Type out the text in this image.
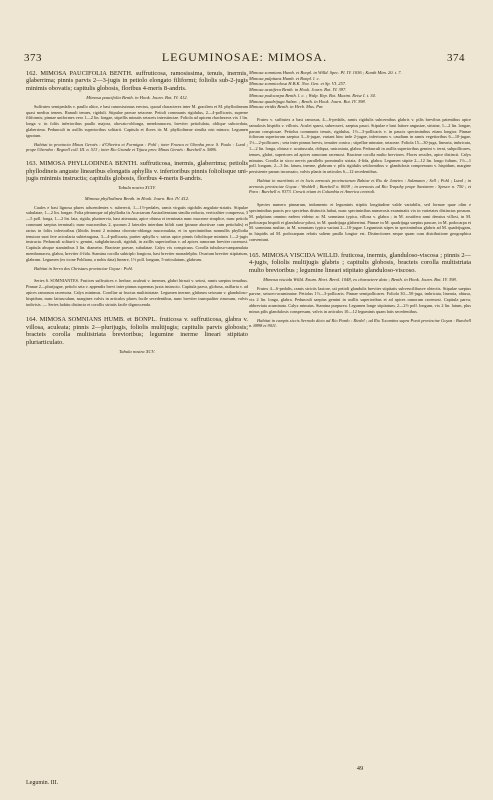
373	LEGUMINOSAE: MIMOSA.	374

162. MIMOSA PAUCIFOLIA BENTH. suffruticosa, ramosissima, tenuis, inermis, glaberrima; pinnis parvis 2—3-jugis in petiolo elongato filiformi; foliolis sub-2-jugis minimis obovatis; capitulis globosis, floribus 4-meris 8-andris.

Mimosa paucifolia Benth. in Hook. Journ. Bot. IV. 412.

Suffrutex semipedalis v. paullo altior, e basi ramosissimus erectus, quoad characteres inter M. gracilem et M. phyllodineam quasi medius tenens. Ramuli tenues, rigiduli. Stipulae parvae setaceae. Petioli communis rigidulus, 2—4-pollicaris, superne filiformis; pinnae uniformes vero 1—2 lin. longae, stipellis minutis setaceis interstinctae. Foliola ad apicem rhachezeos vix 1 lin. longa v. in foliis inferioribus paullo majora, obovato-oblonga, membranacea, breviter petiolulata, oblique subcordata, glaberrima. Pedunculi in axillis superioribus solitarii. Capitula et flores iis M. phyllodineae similia nisi minora. Legumen ignotum.

Habitat in provincia Minas Geraës : d'Oliveira et Formigas : Pohl ; inter Franca et Ubenha prov. S. Paulo : Lund ; prope Uberaba : Regnell coll. III. n. 513 ; inter Rio Grande et Tijuca prov. Minas Geraës : Burchell n. 5886.

163. MIMOSA PHYLLODINEA BENTH. suffruticosa, inermis, glaberrima; petiolis phyllodineis angustе linearibus elongatis aphyllis v. inferioribus pinnis foliolisque uni-jugis minimis instructis; capitulis globosis, floribus 4-meris 8-andris.

Tabula nostra XCIV.

Mimosa phyllodinea Benth. in Hook. Journ. Bot. IV. 412.

Caules e basi lignosa plures adscendentes v. suberecti, 1—1½-pedales, ramis virgatis rigidulis angulato-striatis. Stipulae subulatae, 1—2 lin. longae. Folia plerumque ad phyllodia iis Acaciarum Australiensium similia reducta, verticaliter compressa, 3—5 poll. longa, 1—2 lin. lata, rigida, plurinervia, basi attenuata, apice obtusa et terminata nunc mucrone simplice, nunc petiolo communi saepius terminali; nunc mucronibus 2, quorum 2 laterales interdum bifidi sunt (pinnae abortivae cum petiolulis) et rarius in foliis inferioribus (libidis ferant 2 minima obovato-oblonga mucronulata, et in speciminibus nonnullis phyllodia tenuiora sunt fere acicularia subtetragona, 3—4-pollicaria, pariter aphylla v. rarius apice pinnis foliolisque minimis 1—2-jugis instructa. Pedunculi solitarii v. gemini, subglabriusculi, rigiduli, in axillis superioribus v. ad apices ramorum breviter racemosi. Capitula absque staminibus 3 lin. diametro. Bracteae parvae, subulatae. Calyx vix conspicuus. Corolla tubuloso-campanulata membranacea, glabra, breviter 4-fida. Stamina corolla subtriplo longiora, basi breviter monadelpha. Ovarium breviter stipitatum, glabrum. Legumen (ex icone Pohliana, a nobis data) lineare, 1½ poll. longum, 5-articulatum, glabrum.

Habitat in Serra dos Christaes provinciae Goyaz : Pohl.

Series 6. SOMNIANTES. Frutices suffrutices v. herbae, aculeati v. inermes, glabri hirsuti v. setosi, ramis saepius tenuibus. Pinnae 2—plurijugae, petiolo seta v. appendix brevi inter pinnas supremas juxta instructo. Capitula parva, globosa, axillaria v. ad apices ramorum racemosa. Calyx minimus. Corollae ut fructus multistriatae. Legumen inerme, glabrum setosum v. glandulosо-hispidum, nunc latiusculum, margines valvis in articulos plures facile secedentibus, nunc breviter inaequaliter rimosum, valvis indivisis. — Series habitu distincta et corollis striatis facile dignoscenda.

164. MIMOSA SOMNIANS HUMB. et BONPL. fruticosa v. suffruticosa, glabra v. villosa, aculeata; pinnis 2—plurijugis, foliolis multijugis; capitulis parvis globosis; bracteis corolla multistriata brevioribus; legumine inerme lineari stipitato pluriarticulato.

Tabula nostra XCV.

Mimosa somnians Humb. et Bonpl. in Willd. Spec. Pl. IV. 1036 ; Kunth Mim. 20. t. 7.

Mimosa pulpitans Humb. et Bonpl. l. c.

Mimosa somniculosa H.B.K. Nov. Gen. et Sp. VI. 257.

Mimosa acutifera Benth. in Hook. Journ. Bot. IV. 397.

Mimosa podocarpa Benth. l. c. ; Walp. Rep. Bot. Maxim. Reise I. t. 34.

Mimosa quadrijuga Salzm. ; Benth. in Hook. Journ. Bot. IV. 398.

Mimosa viridis Benth. in Herb. Mus. Par.

Frutex v. suffrutex a basi ramosus, 4—6-pedalis, ramis rigidulis subcernibus glabris v. pilis brevibus patentibus apice ramulosis hispidis v. villosis. Aculei sparsi, subrecurvi, saepius pauci. Stipulae e basi latiore angustae, striatae, 1—2 lin. longae, parum conspicuae. Petiolus communis tenuis, rigidulus, 1½—3-pollicaris v. in paucis speciminibus etiam longior. Pinnae foliorum superiorum saepius 3—6-jugae, variant hinc inde 2-jugae, inferiorum v. caudium in ramis vegetioribus 6—10-jugae, 1½—2-pollicares ; seta inter pinnas brevis, tenuiter conica ; stipellae minutae, setaceae. Foliola 15—30-juga, linearia, imbricata, 1—2 lin. longa, obtusa v. acutiuscula, obliqua, unicostata, glabra. Pedunculi in axillis superioribus gemini v. terni, subpollicares, tenues, glabri, superiores ad apices ramorum racemosi. Bracteae corolla multo breviores. Flores sessiles, apice distincti. Calyx minutus. Corolla in sicco nervis parallelis prominulis striata, 4-fida, glabra. Legumen stipite 2—12 lin. longo fultum, 1½—1 poll. longum, 2—3 lin. latum, inerme, glabrum v. pilis rigidulis setiformibus v. glandulosis compressum v. hispidum, margine persistente parum incrassato, valvis planis in articulos 6—12 secedentibus.

Habitat in maritimis et in locis arenosis provinciarum Bahiae et Rio de Janeiro : Salzmann ; Sell ; Pohl ; Lund ; in arenosis provinciae Goyaz : Weddell ; Burchell n. 8638 ; in arenosis ad Rio Trapuhy prope Santarem : Spruce n. 750 ; et Para : Burchell n. 9373. Crescit etiam in Columbia et America centrali.

Species numero pinnarum, indumento et leguminis stipitis longitudine valde variabilis, sed formae quae olim e speciminibus paucis pro speciebus distinctis habui, nunc speciminibus numerosis examinatis vix in varietates distinctas possum. M. pulpitans omnino eadem videtur ac M. somnians typica, villosa v. glabra ; in M. acutifera rami densius villosi, in M. podocarpa hispidi et glandulosо-pilosi, in M. quadrijuga glaberrimi. Pinnae in M. quadrijuga saepius paucae, in M. podocarpa et M. somnians multae, in M. somnians typica variant 2—10-jugae. Leguminis stipes in speciminibus glabris ad M. quadrijugam, in hispidis ad M. podocarpam relatis saltem paullo longior est. Distinctiones neque quam cum distributione geographica conveniunt.

165. MIMOSA VISCIDA WILLD. fruticosa, inermis, glanduloso-viscosa ; pinnis 2—4-jugis, foliolis multijugis glabris ; capitulis globosis, bracteis corolla multistriata multo brevioribus ; legumine lineari stipitato glanduloso-viscoso.

Mimosa viscida Willd. Enum. Hort. Berol. 1048, ex charactere dato ; Benth. in Hook. Journ. Bot. IV. 398.

Frutex 4—6-pedalis, ramis strictis laxiore, uti petioli glandulis breviter stipitatis subvescilibusve obtectis. Stipulae saepius parvae, setaceo-acuminatae. Petiolus 1½—3-pollicaris. Pinnae semipollicares. Foliola 30—50-juga, imbricata, linearia, obtusa, vix 2 lin. longa, glabra. Pedunculi saepius gemini in axillis superioribus et ad apices ramorum racemosi. Capitula parva, abbreviata acuminata. Calyx minutus. Stamina purpurea. Legumen longe stipitatum, 2—2½ poll. longum, vix 2 lin. latum, plus minus pilis glandulosis conspersum, valvis in articulos 10—12 leguminis quam latis secedentibus.

Habitat in campis siccis Serrado dicto ad Rio Pardo : Riedel ; ad Rio Tocantins supra Ponti provinciae Goyaz : Burchell n. 8898 et 9011.

Legumin. III.
49
